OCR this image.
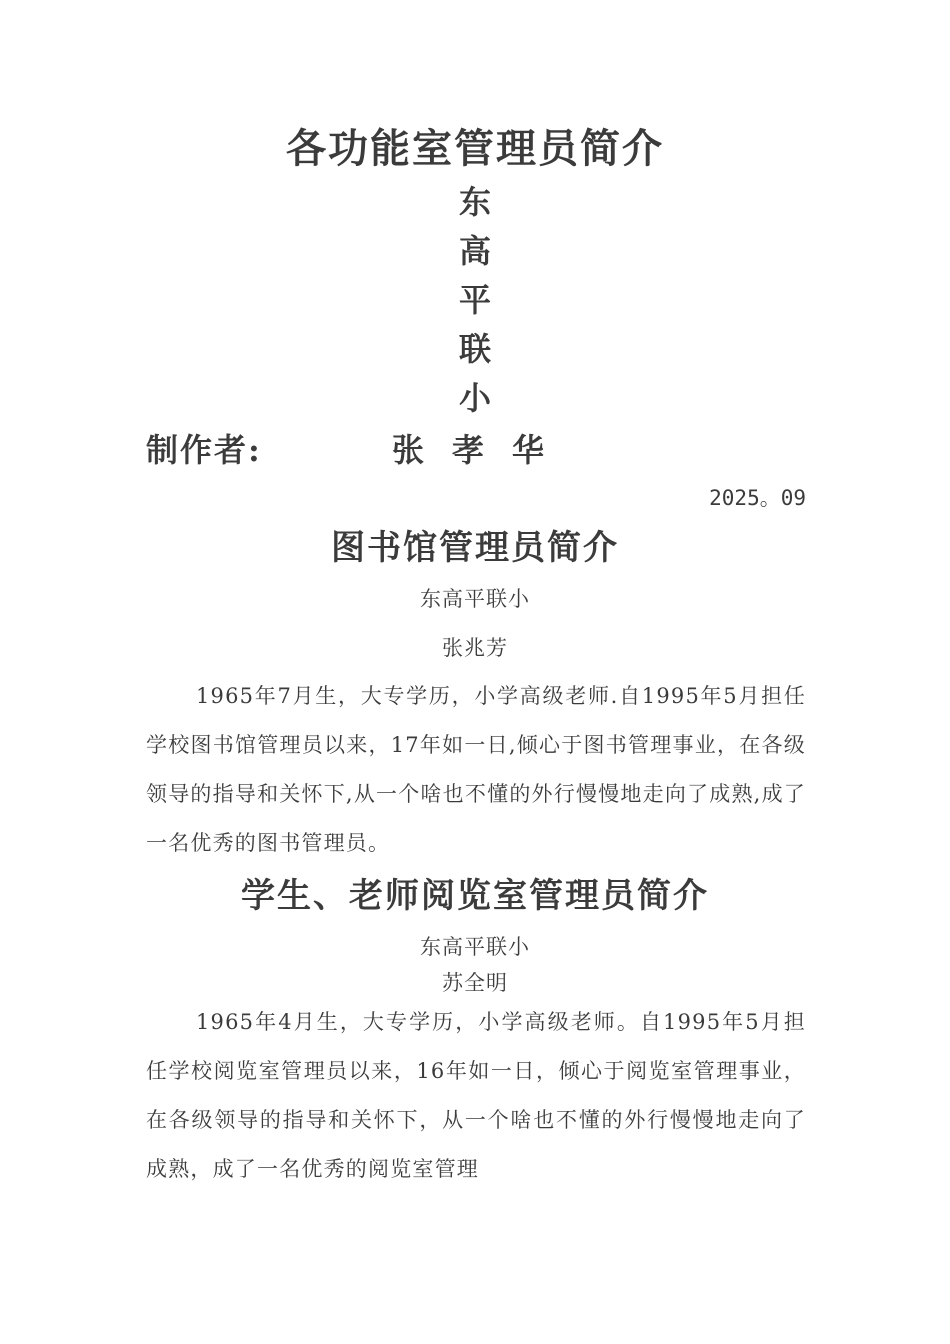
各功能室管理员简介
东
高
平
联
小
制作者:	张孝华
2025。09
图书馆管理员简介
东高平联小
张兆芳

1965年7月生，大专学历，小学高级老师.自1995年5月担任学校图书馆管理员以来，17年如一日,倾心于图书管理事业，在各级领导的指导和关怀下,从一个啥也不懂的外行慢慢地走向了成熟,成了一名优秀的图书管理员。

学生、老师阅览室管理员简介
东高平联小
苏全明

1965年4月生，大专学历，小学高级老师。自1995年5月担任学校阅览室管理员以来，16年如一日，倾心于阅览室管理事业，在各级领导的指导和关怀下，从一个啥也不懂的外行慢慢地走向了成熟，成了一名优秀的阅览室管理
